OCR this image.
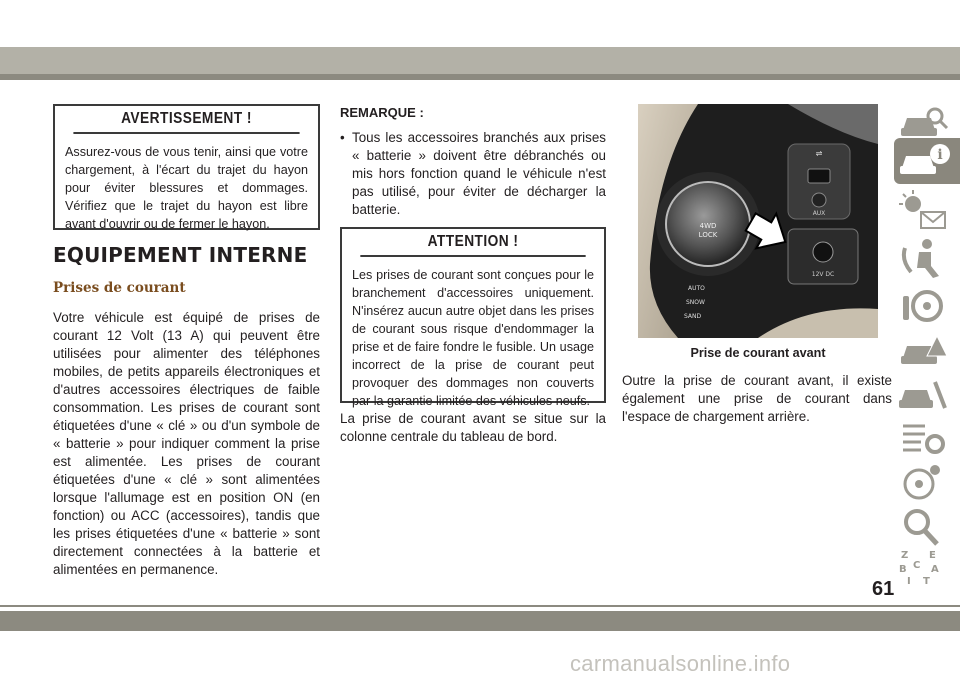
AVERTISSEMENT !
Assurez-vous de vous tenir, ainsi que votre chargement, à l'écart du trajet du hayon pour éviter blessures et dommages. Vérifiez que le trajet du hayon est libre avant d'ouvrir ou de fermer le hayon.
EQUIPEMENT INTERNE
Prises de courant

Votre véhicule est équipé de prises de courant 12 Volt (13 A) qui peuvent être utilisées pour alimenter des téléphones mobiles, de petits appareils électroniques et d'autres accessoires électriques de faible consommation. Les prises de courant sont étiquetées d'une « clé » ou d'un symbole de « batterie » pour indiquer comment la prise est alimentée. Les prises de courant étiquetées d'une « clé » sont alimentées lorsque l'allumage est en position ON (en fonction) ou ACC (accessoires), tandis que les prises étiquetées d'une « batterie » sont directement connectées à la batterie et alimentées en permanence.

REMARQUE :
• Tous les accessoires branchés aux prises « batterie » doivent être débranchés ou mis hors fonction quand le véhicule n'est pas utilisé, pour éviter de décharger la batterie.

ATTENTION !
Les prises de courant sont conçues pour le branchement d'accessoires uniquement. N'insérez aucun autre objet dans les prises de courant sous risque d'endommager la prise et de faire fondre le fusible. Un usage incorrect de la prise de courant peut provoquer des dommages non couverts par la garantie limitée des véhicules neufs.

La prise de courant avant se situe sur la colonne centrale du tableau de bord.

⇌
AUX
12V DC
4WD
LOCK
AUTO
SNOW
SAND
Prise de courant avant

Outre la prise de courant avant, il existe également une prise de courant dans l'espace de chargement arrière.

i
Z E
B A
C
I T
61
carmanualsonline.info
